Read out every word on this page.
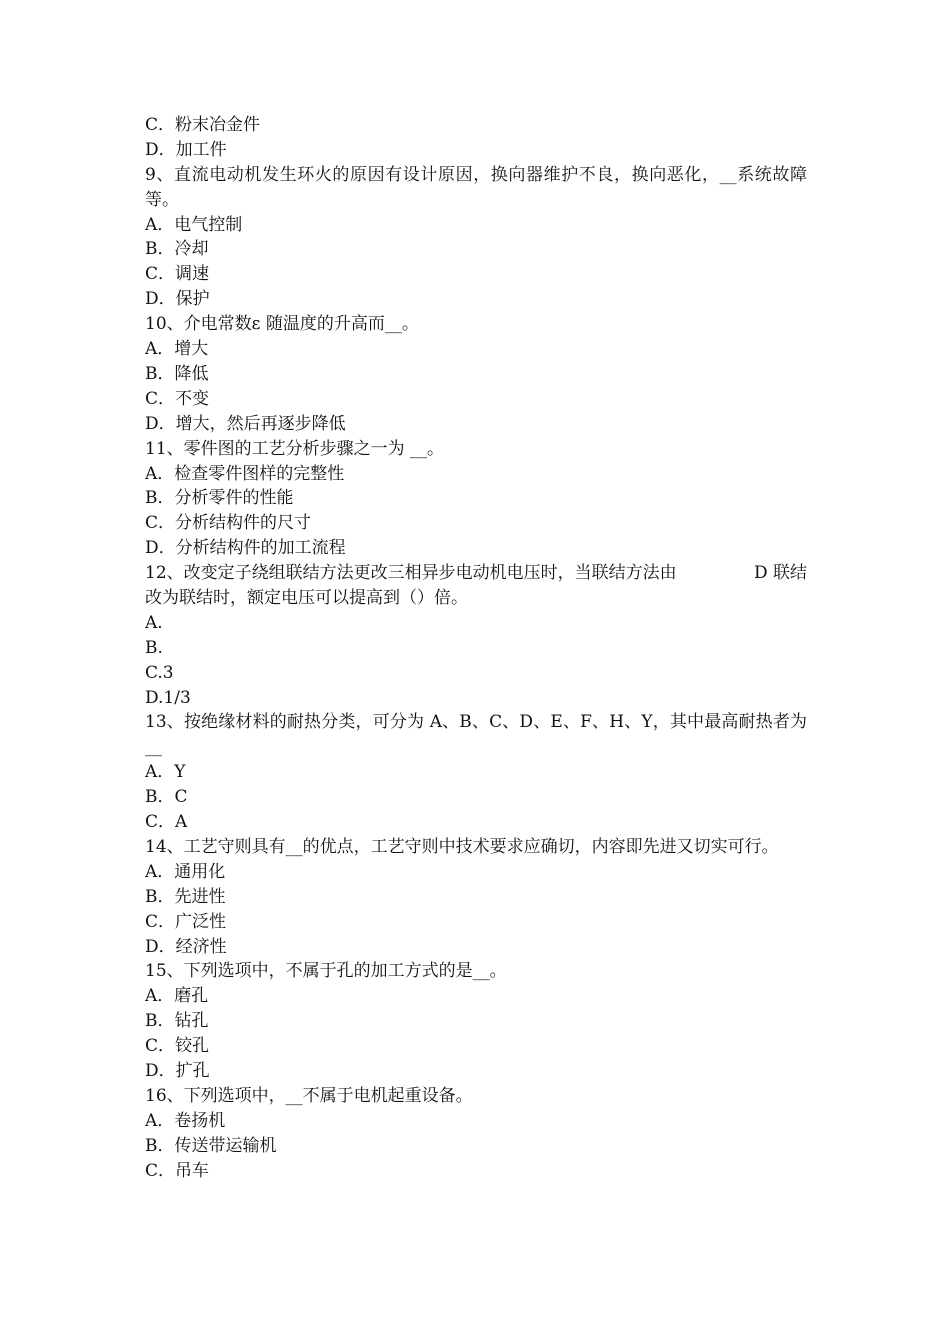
C．粉末冶金件
D．加工件
9、直流电动机发生环火的原因有设计原因，换向器维护不良，换向恶化，__系统故障等。
A．电气控制
B．冷却
C．调速
D．保护
10、介电常数ε 随温度的升高而__。
A．增大
B．降低
C．不变
D．增大，然后再逐步降低
11、零件图的工艺分析步骤之一为 __。
A．检查零件图样的完整性
B．分析零件的性能
C．分析结构件的尺寸
D．分析结构件的加工流程
12、改变定子绕组联结方法更改三相异步电动机电压时，当联结方法由	D 联结
改为联结时，额定电压可以提高到（）倍。
A.
B.
C.3
D.1/3
13、按绝缘材料的耐热分类，可分为 A、B、C、D、E、F、H、Y，其中最高耐热者为__
A．Y
B．C
C．A
14、工艺守则具有__的优点，工艺守则中技术要求应确切，内容即先进又切实可行。
A．通用化
B．先进性
C．广泛性
D．经济性
15、下列选项中，不属于孔的加工方式的是__。
A．磨孔
B．钻孔
C．铰孔
D．扩孔
16、下列选项中，__不属于电机起重设备。
A．卷扬机
B．传送带运输机
C．吊车
